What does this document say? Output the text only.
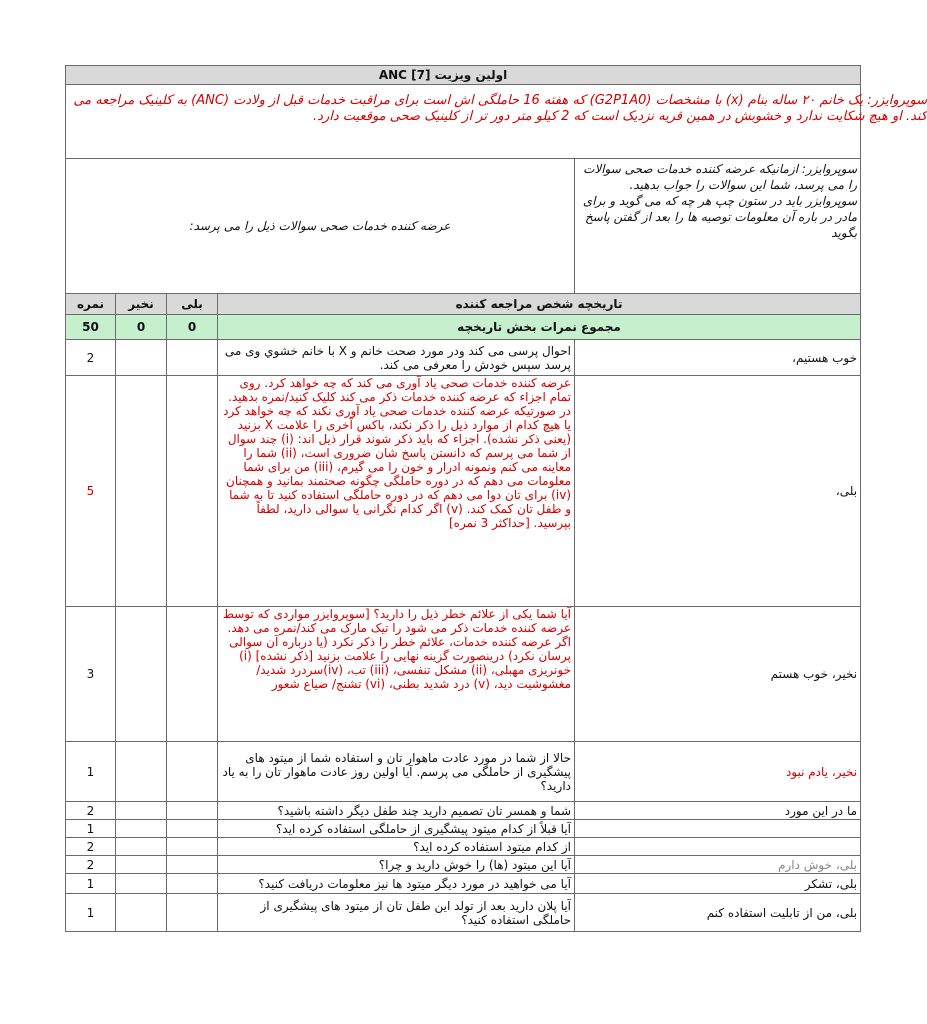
اولین ویزیت ANC [7]				

سوپروایزر: یک خانم ۲۰ ساله بنام (x) با مشخصات (G2P1A0) که هفته 16 حاملگی اش است برای مراقبت خدمات قبل از ولادت (ANC) به کلینیک مراجعه می کند. او هیچ شکایت ندارد و خشوبش در همین قریه نزدیک است که 2 کیلو متر دور تر از کلینیک صحی موقعیت دارد.				

عرضه کننده خدمات صحی سوالات ذیل را می پرسد:				سوپروایزر: ازمانیکه عرضه کننده خدمات صحی سوالات را می پرسد، شما این سوالات را جواب بدهید. سوپروایزر باید در ستون چپ هر چه که می گوید و برای مادر در باره آن معلومات توصیه ها را بعد از گفتن پاسخ بگوید
نمره	نخیر	بلی	تاریخچه شخص مراجعه کننده	
50	0	0	مجموع نمرات بخش تاریخچه	
2			احوال پرسی می کند ودر مورد صحت خانم و X با خانم خشوي وی می پرسد سپس خودش را معرفی می کند.	خوب هستیم،
5			عرضه کننده خدمات صحی یاد آوری می کند که چه خواهد کرد. روی تمام اجزاء که عرضه کننده خدمات ذکر می کند کلیک کنید/نمره بدهید. در صورتیکه عرضه کننده خدمات صحی یاد آوری نکند که چه خواهد کرد یا هیچ کدام از موارد ذیل را ذکر نکند، باکس آخری را علامت X بزنید (یعنی ذکر نشده). اجزاء که باید ذکر شوند قرار ذیل اند: (i) چند سوال از شما می پرسم که دانستن پاسخ شان ضروری است، (ii) شما را معاینه می کنم ونمونه ادرار و خون را می گیرم، (iii) من برای شما معلومات می دهم که در دوره حاملگی چگونه صحتمند بمانید و همچنان (iv) برای تان دوا می دهم که در دوره حاملگی استفاده کنید تا به شما و طفل تان کمک کند. (v) اگر کدام نگرانی یا سوالی دارید، لطفاً بپرسید. [حداکثر 3 نمره]	بلی،
3			آیا شما یکی از علائم خطر ذیل را دارید؟ [سوپروایزر مواردی که توسط عرضه کننده خدمات ذکر می شود را تیک مارک می کند/نمره می دهد. اگر عرضه کننده خدمات، علائم خطر را ذکر نکرد (یا درباره آن سوالی پرسان نکرد) درینصورت گزینه نهایی را علامت بزنید [ذکر نشده] (i) خونریزی مهبلی، (ii) مشکل تنفسی، (iii) تب، (iv)سردرد شدید/ مغشوشیت دید، (v) درد شدید بطنی، (vi) تشنج/ ضیاع شعور	نخیر، خوب هستم
1			حالا از شما در مورد عادت ماهوار تان و استفاده شما از میتود های پیشگیری از حاملگی می پرسم. آیا اولین روز عادت ماهوار تان را به یاد دارید؟	نخیر، یادم نبود
2			شما و همسر تان تصمیم دارید چند طفل دیگر داشته باشید؟	ما در این مورد
1			آیا قبلاً از کدام میتود پیشگیری از حاملگی استفاده کرده اید؟	
2			از کدام میتود استفاده کرده اید؟	
2			آیا این میتود (ها) را خوش دارید و چرا؟	بلی، خوش دارم
1			آیا می خواهید در مورد دیگر میتود ها نیز معلومات دریافت کنید؟	بلی، تشکر
1			آیا پلان دارید بعد از تولد این طفل تان از میتود های پیشگیری از حاملگی استفاده کنید؟	بلی، من از تابلیت استفاده کنم
